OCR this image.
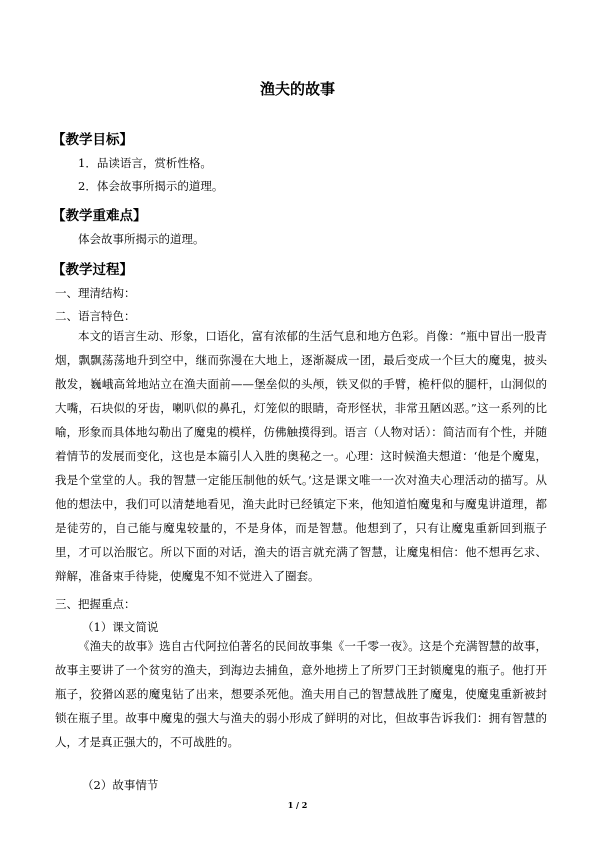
渔夫的故事
【教学目标】
1．品读语言，赏析性格。
2．体会故事所揭示的道理。
【教学重难点】
体会故事所揭示的道理。
【教学过程】
一、理清结构：
二、语言特色：

本文的语言生动、形象，口语化，富有浓郁的生活气息和地方色彩。肖像：“瓶中冒出一股青烟，飘飘荡荡地升到空中，继而弥漫在大地上，逐渐凝成一团，最后变成一个巨大的魔鬼，披头散发，巍峨高耸地站立在渔夫面前——堡垒似的头颅，铁叉似的手臂，桅杆似的腿杆，山洞似的大嘴，石块似的牙齿，喇叭似的鼻孔，灯笼似的眼睛，奇形怪状，非常丑陋凶恶。”这一系列的比喻，形象而具体地勾勒出了魔鬼的模样，仿佛触摸得到。语言（人物对话）：简洁而有个性，并随着情节的发展而变化，这也是本篇引人入胜的奥秘之一。心理：这时候渔夫想道：‘他是个魔鬼，我是个堂堂的人。我的智慧一定能压制他的妖气。’这是课文唯一一次对渔夫心理活动的描写。从他的想法中，我们可以清楚地看见，渔夫此时已经镇定下来，他知道怕魔鬼和与魔鬼讲道理，都是徒劳的，自己能与魔鬼较量的，不是身体，而是智慧。他想到了，只有让魔鬼重新回到瓶子里，才可以治服它。所以下面的对话，渔夫的语言就充满了智慧，让魔鬼相信：他不想再乞求、辩解，准备束手待毙，使魔鬼不知不觉进入了圈套。

三、把握重点：
（1）课文简说

《渔夫的故事》选自古代阿拉伯著名的民间故事集《一千零一夜》。这是个充满智慧的故事，故事主要讲了一个贫穷的渔夫，到海边去捕鱼，意外地捞上了所罗门王封锁魔鬼的瓶子。他打开瓶子，狡猾凶恶的魔鬼钻了出来，想要杀死他。渔夫用自己的智慧战胜了魔鬼，使魔鬼重新被封锁在瓶子里。故事中魔鬼的强大与渔夫的弱小形成了鲜明的对比，但故事告诉我们：拥有智慧的人，才是真正强大的，不可战胜的。

（2）故事情节
1 / 2
